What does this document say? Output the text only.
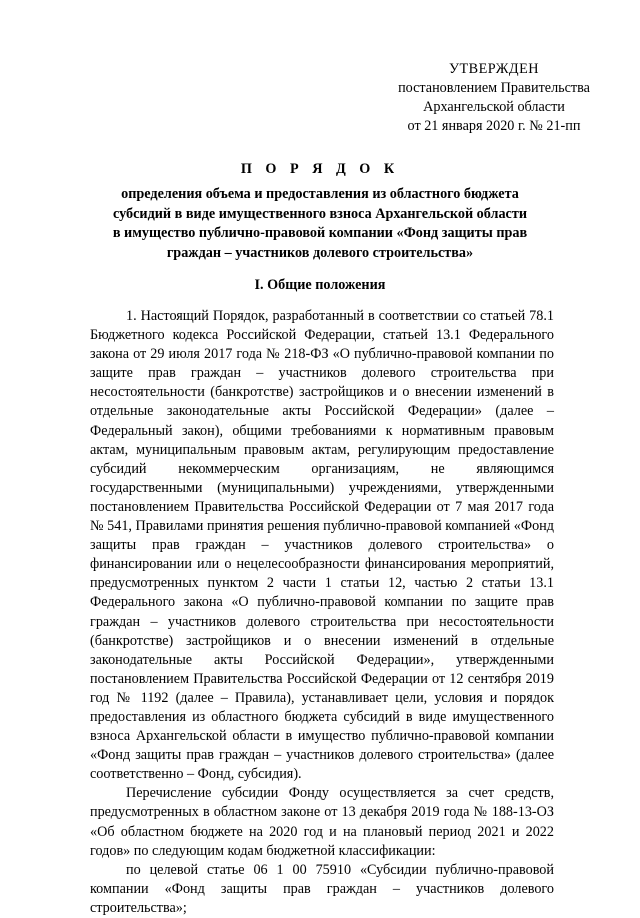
УТВЕРЖДЕН
постановлением Правительства
Архангельской области
от 21 января 2020 г. № 21-пп
П О Р Я Д О К
определения объема и предоставления из областного бюджета
субсидий в виде имущественного взноса Архангельской области
в имущество публично-правовой компании «Фонд защиты прав
граждан – участников долевого строительства»
I. Общие положения

1. Настоящий Порядок, разработанный в соответствии со статьей 78.1 Бюджетного кодекса Российской Федерации, статьей 13.1 Федерального закона от 29 июля 2017 года № 218-ФЗ «О публично-правовой компании по защите прав граждан – участников долевого строительства при несостоятельности (банкротстве) застройщиков и о внесении изменений в отдельные законодательные акты Российской Федерации» (далее – Федеральный закон), общими требованиями к нормативным правовым актам, муниципальным правовым актам, регулирующим предоставление субсидий некоммерческим организациям, не являющимся государственными (муниципальными) учреждениями, утвержденными постановлением Правительства Российской Федерации от 7 мая 2017 года № 541, Правилами принятия решения публично-правовой компанией «Фонд защиты прав граждан – участников долевого строительства» о финансировании или о нецелесообразности финансирования мероприятий, предусмотренных пунктом 2 части 1 статьи 12, частью 2 статьи 13.1 Федерального закона «О публично-правовой компании по защите прав граждан – участников долевого строительства при несостоятельности (банкротстве) застройщиков и о внесении изменений в отдельные законодательные акты Российской Федерации», утвержденными постановлением Правительства Российской Федерации от 12 сентября 2019 год № 1192 (далее – Правила), устанавливает цели, условия и порядок предоставления из областного бюджета субсидий в виде имущественного взноса Архангельской области в имущество публично-правовой компании «Фонд защиты прав граждан – участников долевого строительства» (далее соответственно – Фонд, субсидия).

Перечисление субсидии Фонду осуществляется за счет средств, предусмотренных в областном законе от 13 декабря 2019 года № 188-13-ОЗ «Об областном бюджете на 2020 год и на плановый период 2021 и 2022 годов» по следующим кодам бюджетной классификации:

по целевой статье 06 1 00 75910 «Субсидии публично-правовой компании «Фонд защиты прав граждан – участников долевого строительства»;
